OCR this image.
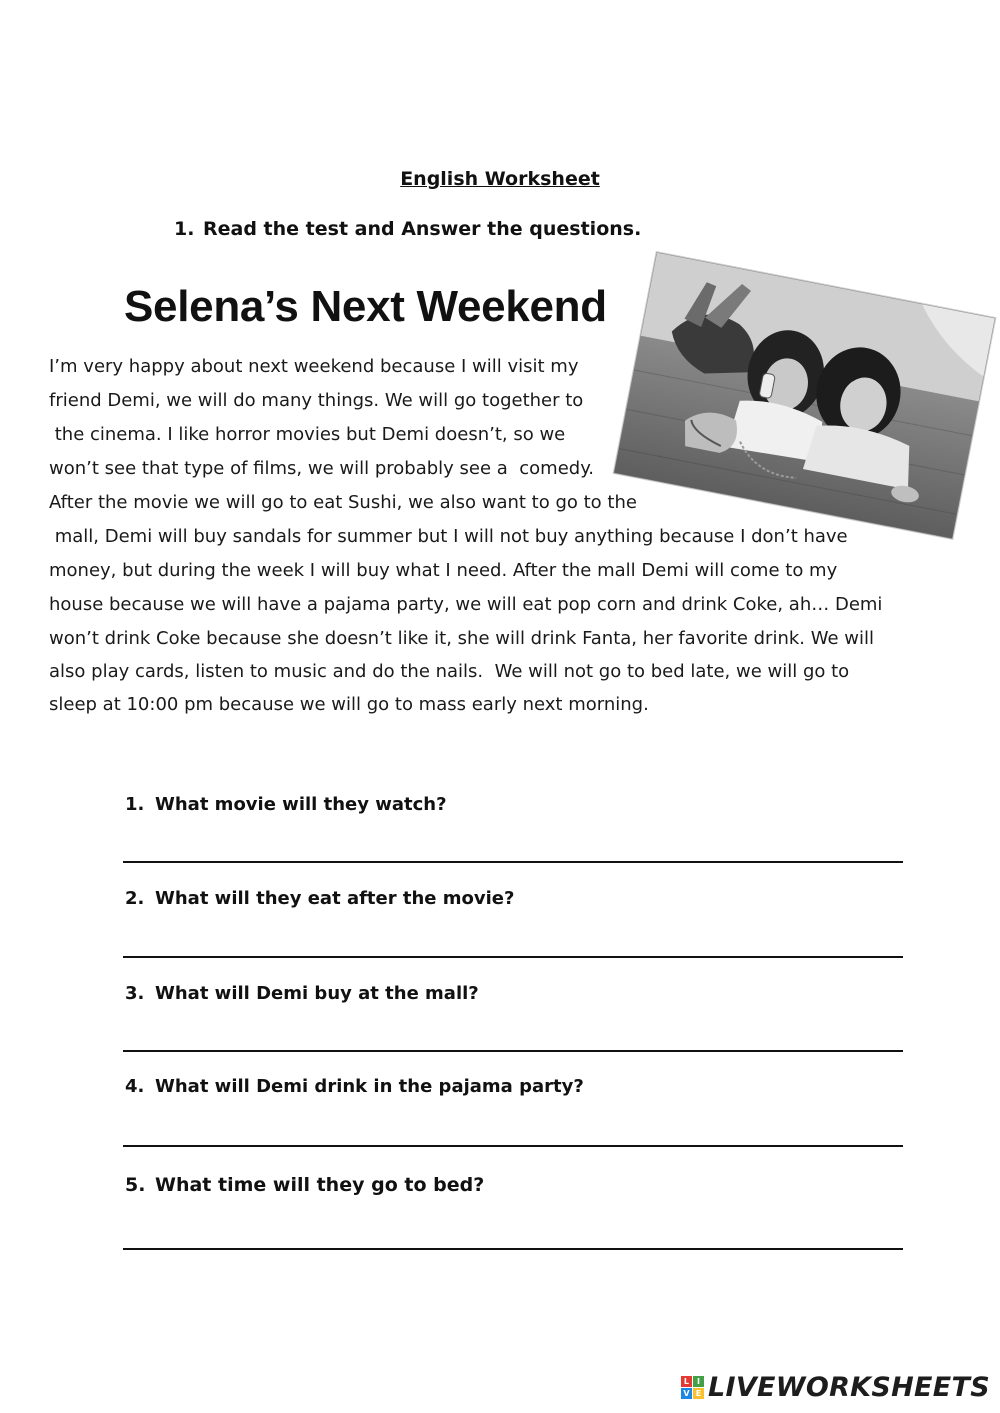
English Worksheet
1. Read the test and Answer the questions.
Selena’s Next Weekend
I’m very happy about next weekend because I will visit my
friend Demi, we will do many things. We will go together to
the cinema. I like horror movies but Demi doesn’t, so we
won’t see that type of films, we will probably see a  comedy.
After the movie we will go to eat Sushi, we also want to go to the
mall, Demi will buy sandals for summer but I will not buy anything because I don’t have
money, but during the week I will buy what I need. After the mall Demi will come to my
house because we will have a pajama party, we will eat pop corn and drink Coke, ah… Demi
won’t drink Coke because she doesn’t like it, she will drink Fanta, her favorite drink. We will
also play cards, listen to music and do the nails.  We will not go to bed late, we will go to
sleep at 10:00 pm because we will go to mass early next morning.
1. What movie will they watch?
2. What will they eat after the movie?
3. What will Demi buy at the mall?
4. What will Demi drink in the pajama party?
5. What time will they go to bed?
L I
V E LIVEWORKSHEETS
